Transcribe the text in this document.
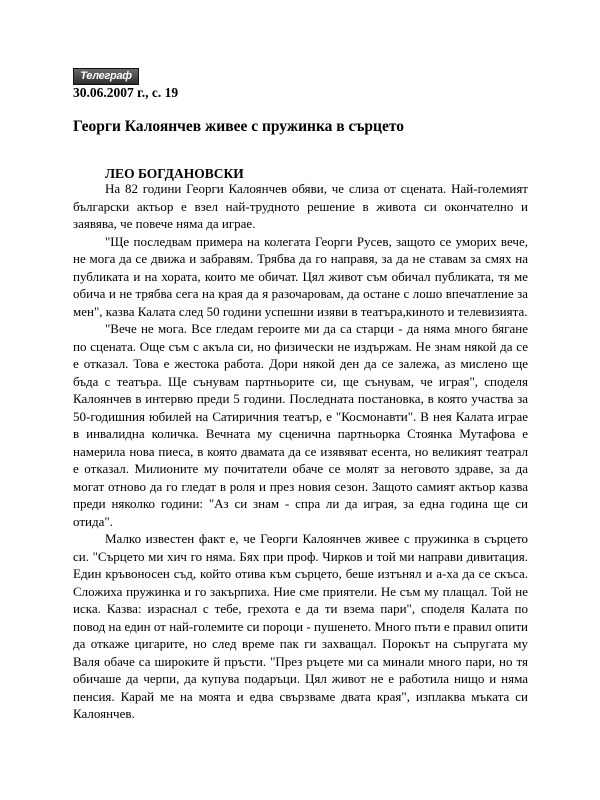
Телеграф
30.06.2007 г., с. 19
Георги Калоянчев живее с пружинка в сърцето
ЛЕО БОГДАНОВСКИ

На 82 години Георги Калоянчев обяви, че слиза от сцената. Най-големият български актьор е взел най-трудното решение в живота си окончателно и заявява, че повече няма да играе.

"Ще последвам примера на колегата Георги Русев, защото се уморих вече, не мога да се движа и забравям. Трябва да го направя, за да не ставам за смях на публиката и на хората, които ме обичат. Цял живот съм обичал публиката, тя ме обича и не трябва сега на края да я разочаровам, да остане с лошо впечатление за мен", казва Калата след 50 години успешни изяви в театъра,киното и телевизията.

"Вече не мога. Все гледам героите ми да са старци - да няма много бягане по сцената. Още съм с акъла си, но физически не издържам. Не знам някой да се е отказал. Това е жестока работа. Дори някой ден да се залежа, аз мислено ще бъда с театъра. Ще сънувам партньорите си, ще сънувам, че играя", споделя Калоянчев в интервю преди 5 години. Последната постановка, в която участва за 50-годишния юбилей на Сатиричния театър, е "Космонавти". В нея Калата играе в инвалидна количка. Вечната му сценична партньорка Стоянка Мутафова е намерила нова пиеса, в която двамата да се изявяват есента, но великият театрал е отказал. Милионите му почитатели обаче се молят за неговото здраве, за да могат отново да го гледат в роля и през новия сезон. Защото самият актьор казва преди няколко години: "Аз си знам - спра ли да играя, за една година ще си отида".

Малко известен факт е, че Георги Калоянчев живее с пружинка в сърцето си. "Сърцето ми хич го няма. Бях при проф. Чирков и той ми направи дивитация. Един кръвоносен съд, който отива към сърцето, беше изтънял и а-ха да се скъса. Сложиха пружинка и го закърпиха. Ние сме приятели. Не съм му плащал. Той не иска. Казва: израснал с тебе, грехота е да ти взема пари", споделя Калата по повод на един от най-големите си пороци - пушенето. Много пъти е правил опити да откаже цигарите, но след време пак ги захващал. Порокът на съпругата му Валя обаче са широките й пръсти. "През ръцете ми са минали много пари, но тя обичаше да черпи, да купува подаръци. Цял живот не е работила нищо и няма пенсия. Карай ме на моята и едва свързваме двата края", изплаква мъката си Калоянчев.
